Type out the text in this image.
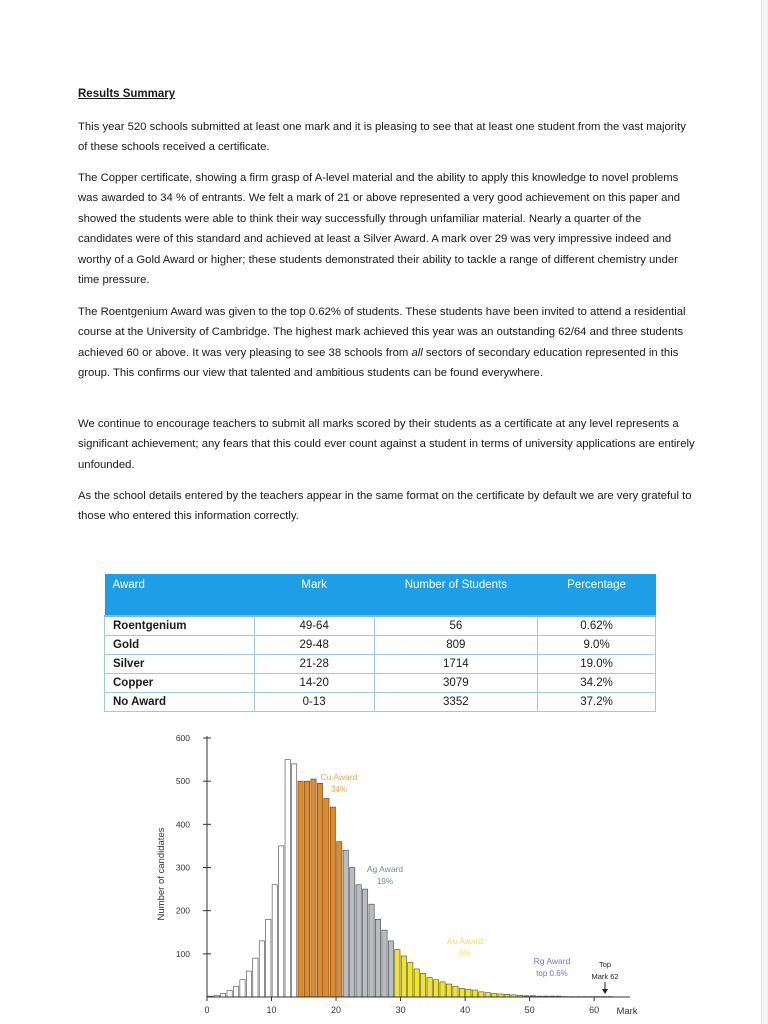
Results Summary

This year 520 schools submitted at least one mark and it is pleasing to see that at least one student from the vast majority of these schools received a certificate.

The Copper certificate, showing a firm grasp of A-level material and the ability to apply this knowledge to novel problems was awarded to 34 % of entrants. We felt a mark of 21 or above represented a very good achievement on this paper and showed the students were able to think their way successfully through unfamiliar material. Nearly a quarter of the candidates were of this standard and achieved at least a Silver Award. A mark over 29 was very impressive indeed and worthy of a Gold Award or higher; these students demonstrated their ability to tackle a range of different chemistry under time pressure.

The Roentgenium Award was given to the top 0.62% of students. These students have been invited to attend a residential course at the University of Cambridge. The highest mark achieved this year was an outstanding 62/64 and three students achieved 60 or above. It was very pleasing to see 38 schools from all sectors of secondary education represented in this group. This confirms our view that talented and ambitious students can be found everywhere.

We continue to encourage teachers to submit all marks scored by their students as a certificate at any level represents a significant achievement; any fears that this could ever count against a student in terms of university applications are entirely unfounded.

As the school details entered by the teachers appear in the same format on the certificate by default we are very grateful to those who entered this information correctly.

Award	Mark	Number of Students	Percentage
Roentgenium	49-64	56	0.62%
Gold	29-48	809	9.0%
Silver	21-28	1714	19.0%
Copper	14-20	3079	34.2%
No Award	0-13	3352	37.2%
100
200
300
400
500
600
0	10	20	30	40	50	60
Number of candidates
Mark
Cu Award
34%
Ag Award
19%
Au Award
9%
Rg Award
top 0.6%
Top
Mark 62
